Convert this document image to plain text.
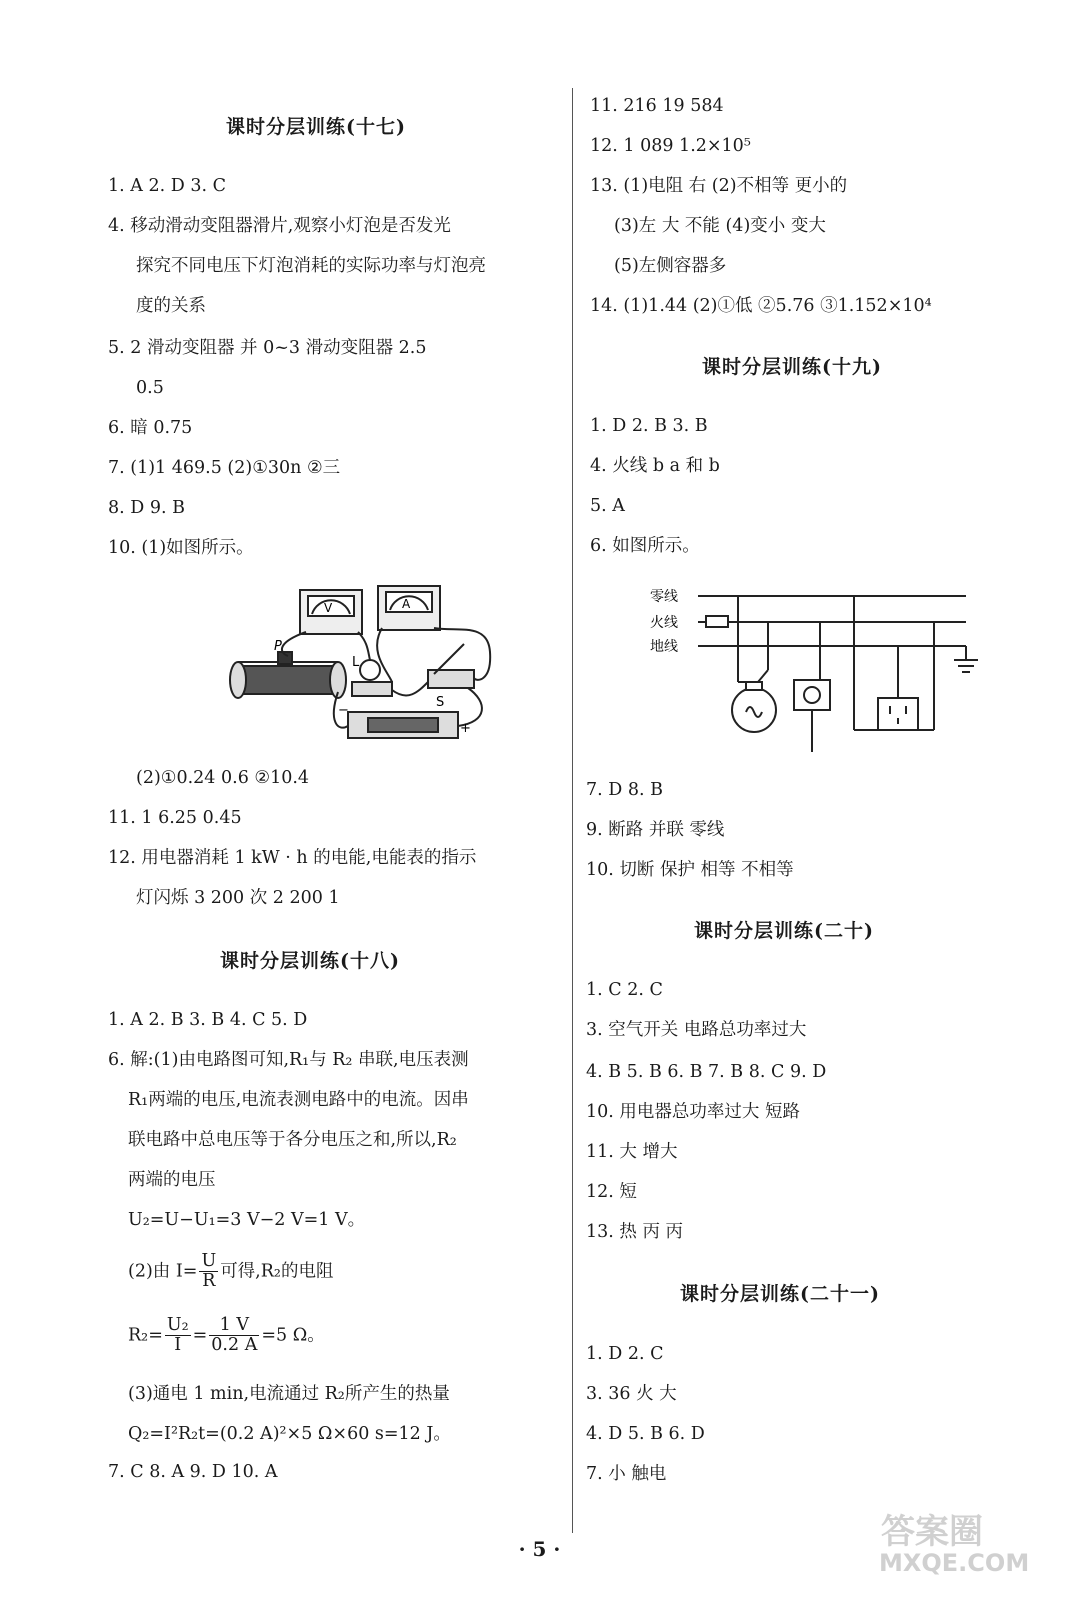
课时分层训练(十七)
1. A 2. D 3. C
4. 移动滑动变阻器滑片,观察小灯泡是否发光
探究不同电压下灯泡消耗的实际功率与灯泡亮
度的关系
5. 2 滑动变阻器 并 0~3 滑动变阻器 2.5
0.5
6. 暗 0.75
7. (1)1 469.5 (2)①30n ②三
8. D 9. B
10. (1)如图所示。
P
L
S
V	A
+
−
(2)①0.24 0.6 ②10.4
11. 1 6.25 0.45
12. 用电器消耗 1 kW · h 的电能,电能表的指示
灯闪烁 3 200 次 2 200 1
课时分层训练(十八)
1. A 2. B 3. B 4. C 5. D
6. 解:(1)由电路图可知,R₁与 R₂ 串联,电压表测
R₁两端的电压,电流表测电路中的电流。因串
联电路中总电压等于各分电压之和,所以,R₂
两端的电压
U₂=U−U₁=3 V−2 V=1 V。
(2)由 $I= \frac{U}{R}$ 可得,R₂的电阻
$R_2= \frac{\text{U₂}}{I} = \frac{1 V}{0.2 A} =5$ Ω。
(3)通电 1 min,电流通过 R₂所产生的热量
Q₂=I²R₂t=(0.2 A)²×5 Ω×60 s=12 J。
7. C 8. A 9. D 10. A
11. 216 19 584
12. 1 089 1.2×10⁵
13. (1)电阻 右 (2)不相等 更小的
(3)左 大 不能 (4)变小 变大
(5)左侧容器多
14. (1)1.44 (2)①低 ②5.76 ③1.152×10⁴
课时分层训练(十九)
1. D 2. B 3. B
4. 火线 b a 和 b
5. A
6. 如图所示。
零线
火线
地线
7. D 8. B
9. 断路 并联 零线
10. 切断 保护 相等 不相等
课时分层训练(二十)
1. C 2. C
3. 空气开关 电路总功率过大
4. B 5. B 6. B 7. B 8. C 9. D
10. 用电器总功率过大 短路
11. 大 增大
12. 短
13. 热 丙 丙
课时分层训练(二十一)
1. D 2. C
3. 36 火 大
4. D 5. B 6. D
7. 小 触电
· 5 ·	答案圈
MXQE.COM
